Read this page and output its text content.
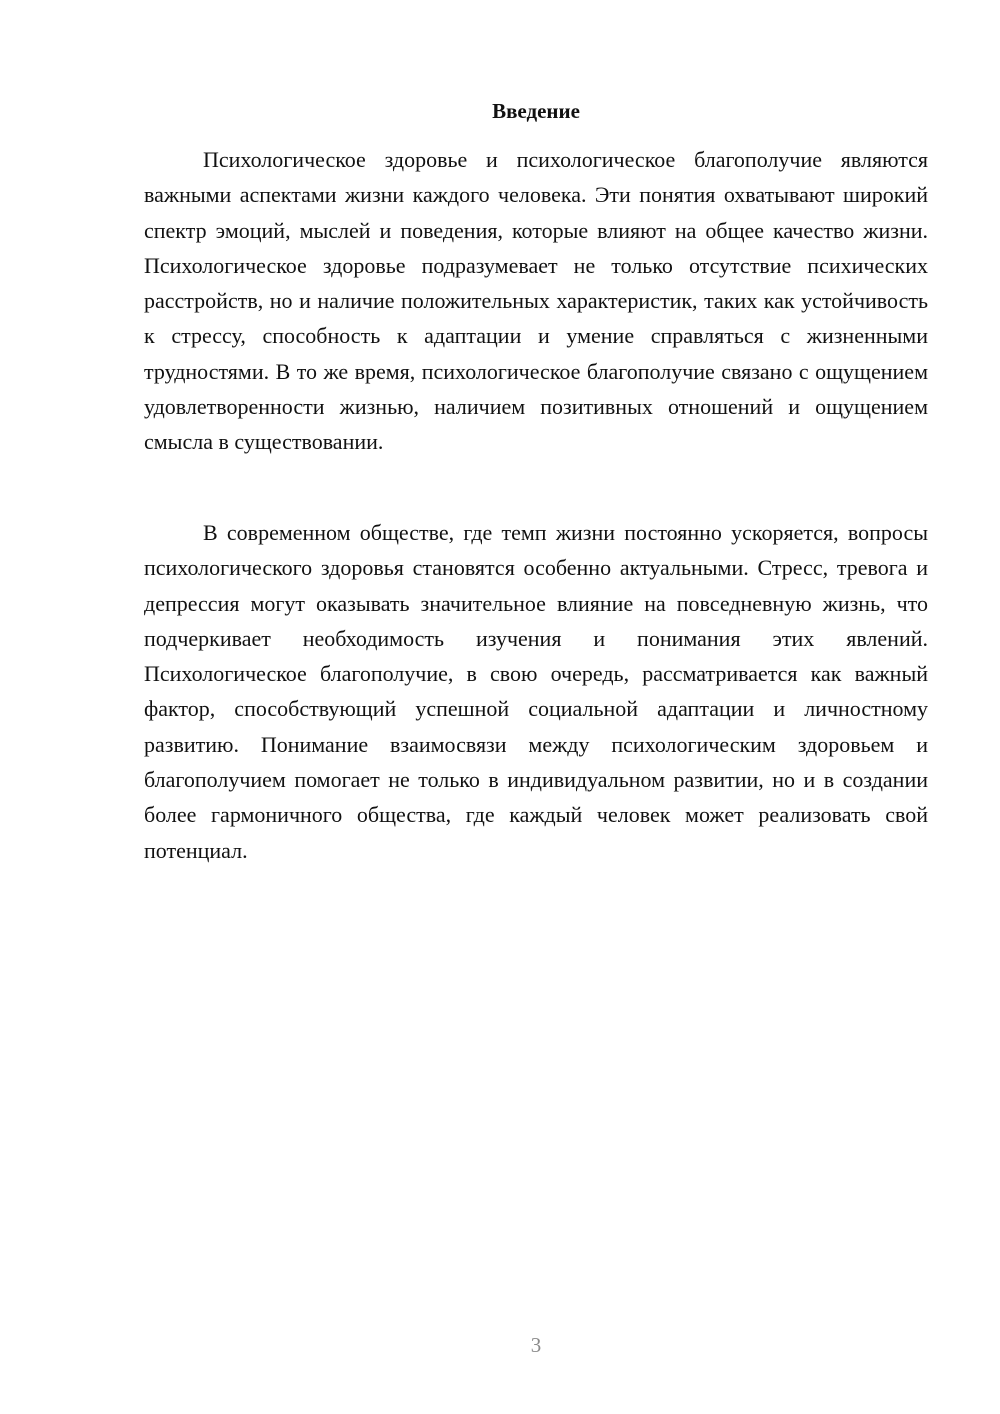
Введение

Психологическое здоровье и психологическое благополучие являются важными аспектами жизни каждого человека. Эти понятия охватывают широкий спектр эмоций, мыслей и поведения, которые влияют на общее качество жизни. Психологическое здоровье подразумевает не только отсутствие психических расстройств, но и наличие положительных характеристик, таких как устойчивость к стрессу, способность к адаптации и умение справляться с жизненными трудностями. В то же время, психологическое благополучие связано с ощущением удовлетворенности жизнью, наличием позитивных отношений и ощущением смысла в существовании.

В современном обществе, где темп жизни постоянно ускоряется, вопросы психологического здоровья становятся особенно актуальными. Стресс, тревога и депрессия могут оказывать значительное влияние на повседневную жизнь, что подчеркивает необходимость изучения и понимания этих явлений. Психологическое благополучие, в свою очередь, рассматривается как важный фактор, способствующий успешной социальной адаптации и личностному развитию. Понимание взаимосвязи между психологическим здоровьем и благополучием помогает не только в индивидуальном развитии, но и в создании более гармоничного общества, где каждый человек может реализовать свой потенциал.

3
